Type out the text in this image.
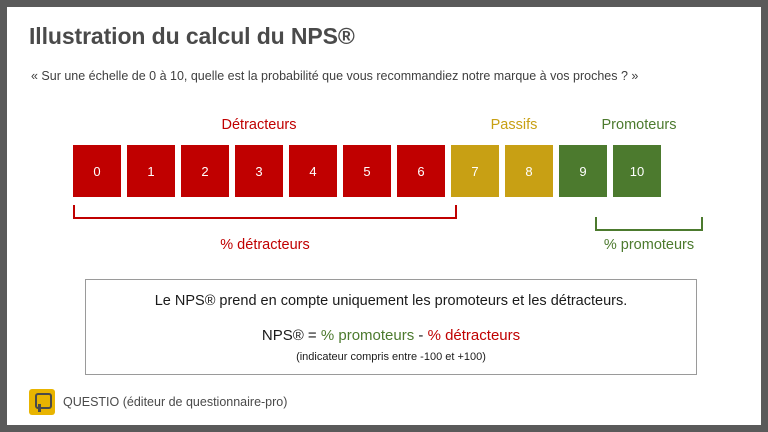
Illustration du calcul du NPS®
« Sur une échelle de 0 à 10, quelle est la probabilité que vous recommandiez notre marque à vos proches ? »
Détracteurs	Passifs	Promoteurs
0	1	2	3	4	5	6	7	8	9	10
% détracteurs	% promoteurs
Le NPS® prend en compte uniquement les promoteurs et les détracteurs.
NPS® = % promoteurs - % détracteurs
(indicateur compris entre -100 et +100)
QUESTIO (éditeur de questionnaire-pro)
